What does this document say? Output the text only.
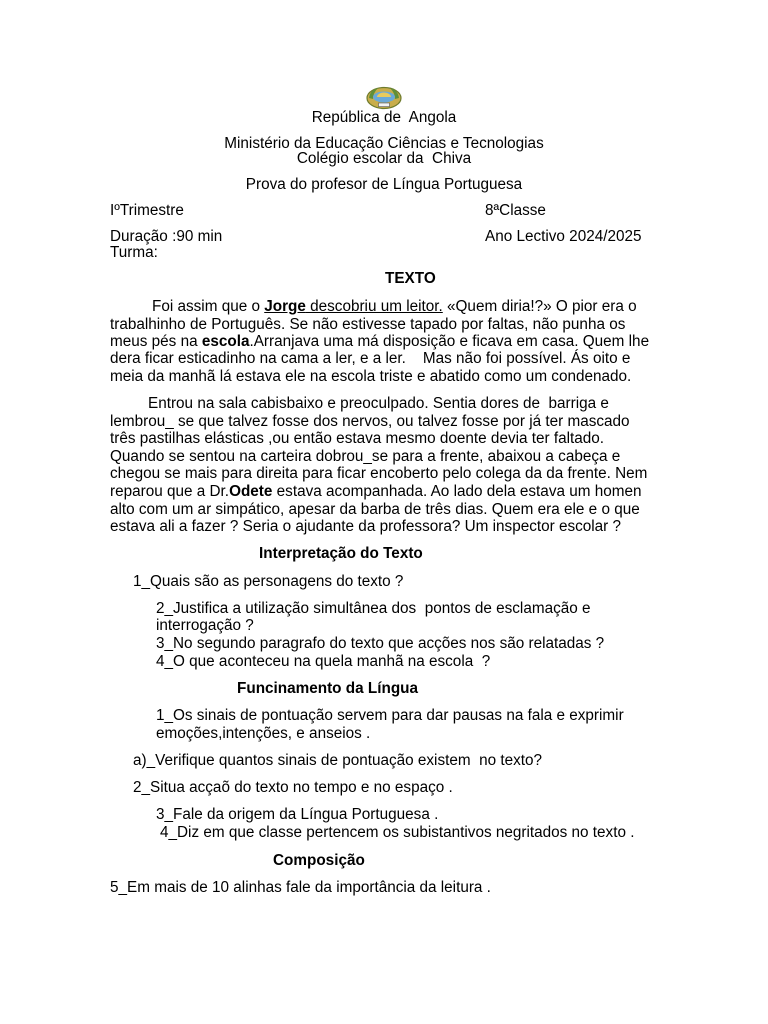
República de  Angola
Ministério da Educação Ciências e Tecnologias
Colégio escolar da  Chiva
Prova do profesor de Língua Portuguesa
IºTrimestre	8ªClasse
Duração :90 min	Ano Lectivo 2024/2025
Turma:
TEXTO
Foi assim que o Jorge descobriu um leitor. «Quem diria!?» O pior era o
trabalhinho de Português. Se não estivesse tapado por faltas, não punha os
meus pés na escola.Arranjava uma má disposição e ficava em casa. Quem lhe
dera ficar esticadinho na cama a ler, e a ler.    Mas não foi possível. Ás oito e
meia da manhã lá estava ele na escola triste e abatido como um condenado.
Entrou na sala cabisbaixo e preoculpado. Sentia dores de  barriga e
lembrou_ se que talvez fosse dos nervos, ou talvez fosse por já ter mascado
três pastilhas elásticas ,ou então estava mesmo doente devia ter faltado.
Quando se sentou na carteira dobrou_se para a frente, abaixou a cabeça e
chegou se mais para direita para ficar encoberto pelo colega da da frente. Nem
reparou que a Dr.Odete estava acompanhada. Ao lado dela estava um homen
alto com um ar simpático, apesar da barba de três dias. Quem era ele e o que
estava ali a fazer ? Seria o ajudante da professora? Um inspector escolar ?
Interpretação do Texto
1_Quais são as personagens do texto ?
2_Justifica a utilização simultânea dos  pontos de esclamação e
interrogação ?
3_No segundo paragrafo do texto que acções nos são relatadas ?
4_O que aconteceu na quela manhã na escola  ?
Funcinamento da Língua
1_Os sinais de pontuação servem para dar pausas na fala e exprimir
emoções,intenções, e anseios .
a)_Verifique quantos sinais de pontuação existem  no texto?
2_Situa acçaõ do texto no tempo e no espaço .
3_Fale da origem da Língua Portuguesa .
4_Diz em que classe pertencem os subistantivos negritados no texto .
Composição
5_Em mais de 10 alinhas fale da importância da leitura .
